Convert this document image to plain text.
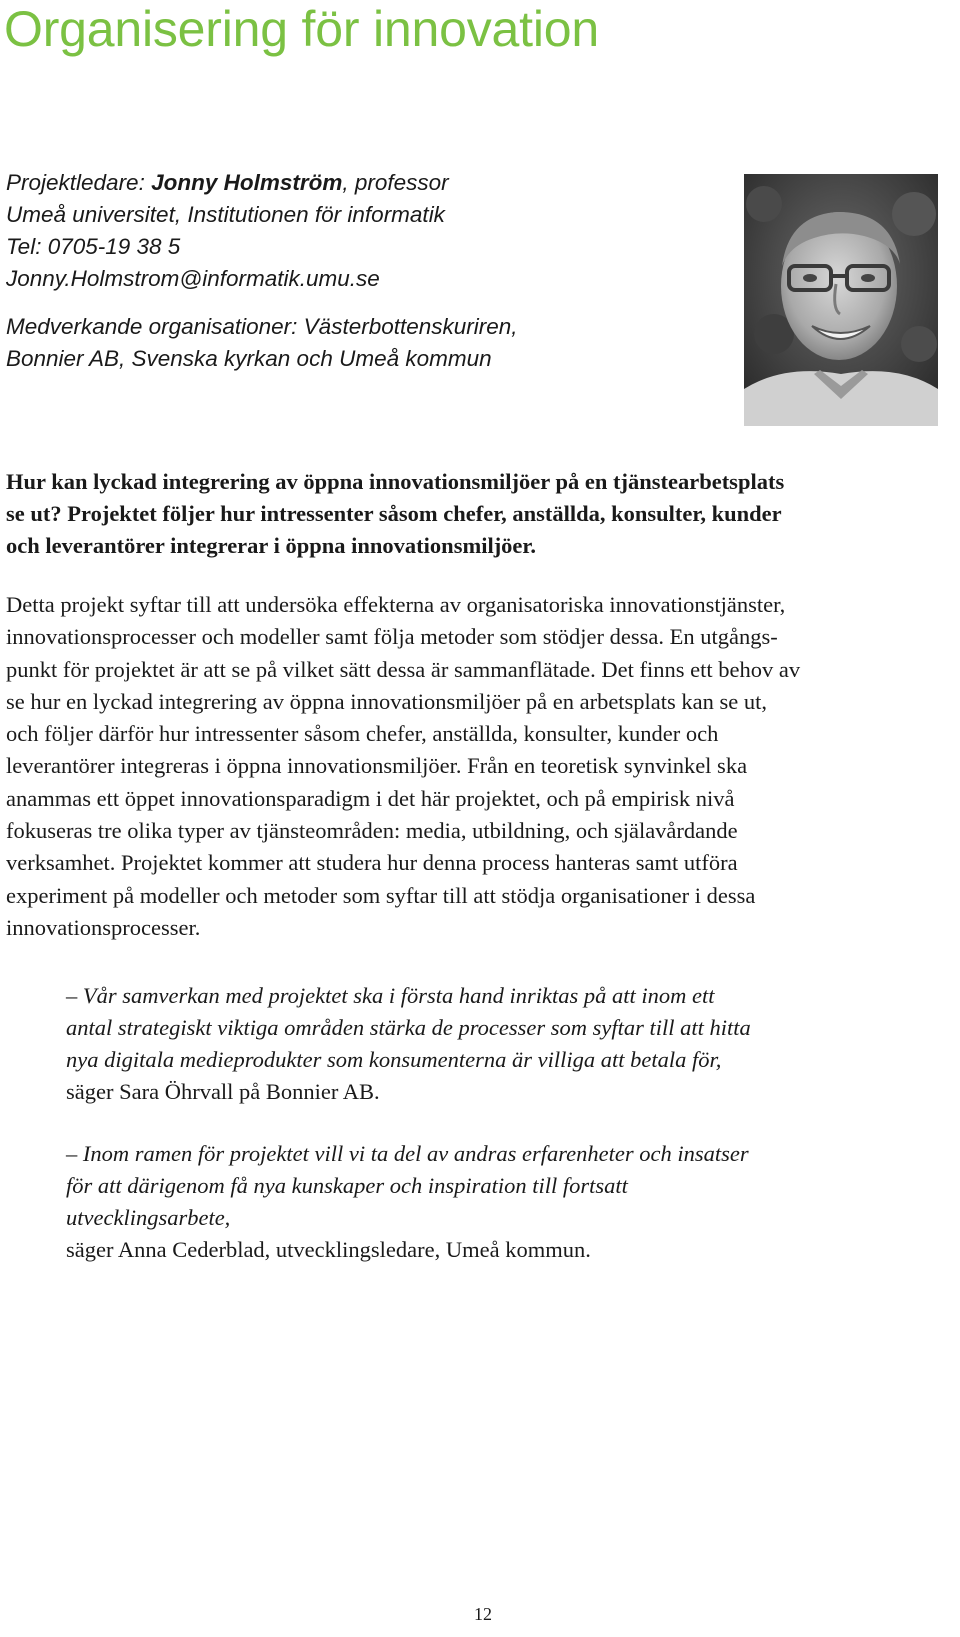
Organisering för innovation
Projektledare: Jonny Holmström, professor
Umeå universitet, Institutionen för informatik
Tel: 0705-19 38 5
Jonny.Holmstrom@informatik.umu.se
Medverkande organisationer: Västerbottenskuriren,
Bonnier AB, Svenska kyrkan och Umeå kommun
Hur kan lyckad integrering av öppna innovationsmiljöer på en tjänstearbetsplats
se ut? Projektet följer hur intressenter såsom chefer, anställda, konsulter, kunder
och leverantörer integrerar i öppna innovationsmiljöer.
Detta projekt syftar till att undersöka effekterna av organisatoriska innovationstjänster,
innovationsprocesser och modeller samt följa metoder som stödjer dessa. En utgångs-
punkt för projektet är att se på vilket sätt dessa är sammanflätade. Det finns ett behov av
se hur en lyckad integrering av öppna innovationsmiljöer på en arbetsplats kan se ut,
och följer därför hur intressenter såsom chefer, anställda, konsulter, kunder och
leverantörer integreras i öppna innovationsmiljöer. Från en teoretisk synvinkel ska
anammas ett öppet innovationsparadigm i det här projektet, och på empirisk nivå
fokuseras tre olika typer av tjänsteområden: media, utbildning, och själavårdande
verksamhet. Projektet kommer att studera hur denna process hanteras samt utföra
experiment på modeller och metoder som syftar till att stödja organisationer i dessa
innovationsprocesser.
– Vår samverkan med projektet ska i första hand inriktas på att inom ett
antal strategiskt viktiga områden stärka de processer som syftar till att hitta
nya digitala medieprodukter som konsumenterna är villiga att betala för,
säger Sara Öhrvall på Bonnier AB.
– Inom ramen för projektet vill vi ta del av andras erfarenheter och insatser
för att därigenom få nya kunskaper och inspiration till fortsatt
utvecklingsarbete,
säger Anna Cederblad, utvecklingsledare, Umeå kommun.
12
